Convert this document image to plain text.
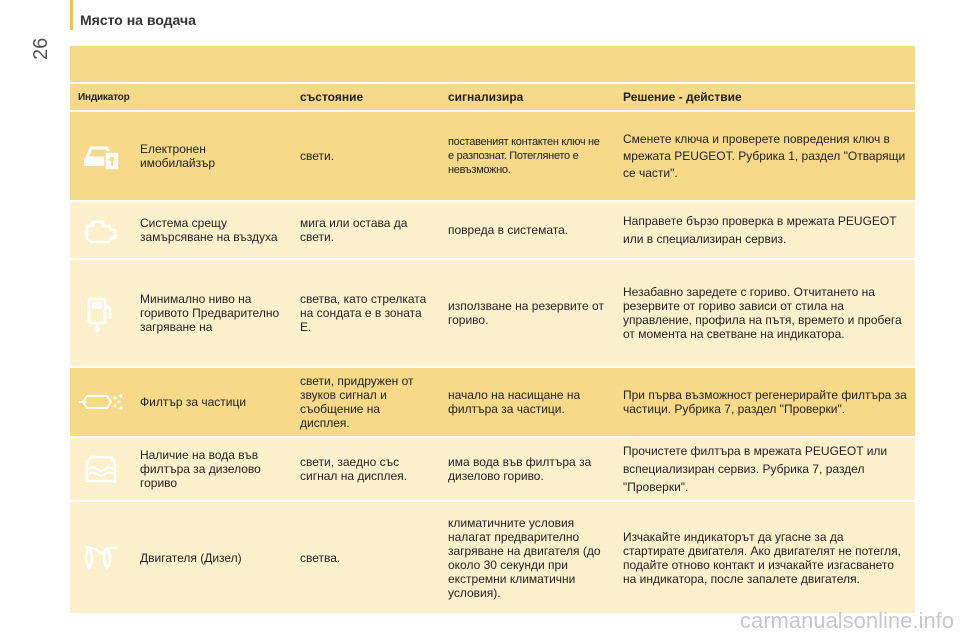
26
Място на водача
Индикатор		състояние	сигнализира	Решение - действие

	Електронен имобилайзър	свети.	поставеният контактен ключ не е разпознат. Потеглянето е невъзможно.	Сменете ключа и проверете повредения ключ в мрежата PEUGEOT. Рубрика 1, раздел "Отварящи се части".

	Система срещу замърсяване на въздуха	мига или остава да свети.	повреда в системата.	Направете бързо проверка в мрежата PEUGEOT или в специализиран сервиз.

	Минимално ниво на горивото Предварително загряване на	светва, като стрелката на сондата е в зоната Е.	използване на резервите от гориво.	Незабавно заредете с гориво. Отчитането на резервите от гориво зависи от стила на управление, профила на пътя, времето и пробега от момента на светване на индикатора.

	Филтър за частици	свети, придружен от звуков сигнал и съобщение на дисплея.	начало на насищане на филтъра за частици.	При първа възможност регенерирайте филтъра за частици. Рубрика 7, раздел "Проверки".

	Наличие на вода във филтъра за дизелово гориво	свети, заедно със сигнал на дисплея.	има вода във филтъра за дизелово гориво.	Прочистете филтъра в мрежата PEUGEOT или вспециализиран сервиз. Рубрика 7, раздел "Проверки".

	Двигателя (Дизел)	светва.	климатичните условия налагат предварително загряване на двигателя (до около 30 секунди при екстремни климатични условия).	Изчакайте индикаторът да угасне за да стартирате двигателя. Ако двигателят не потегля, подайте отново контакт и изчакайте изгасването на индикатора, после запалете двигателя.
carmanualsonline.info
